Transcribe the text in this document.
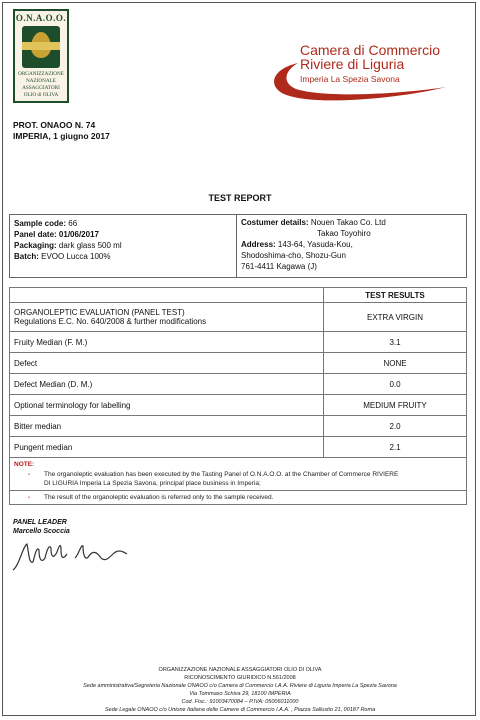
O.N.A.O.O.
ORGANIZZAZIONE
NAZIONALE
ASSAGGIATORI
OLIO di OLIVA
Camera di Commercio
Riviere di Liguria
Imperia La Spezia Savona
PROT. ONAOO N. 74
IMPERIA, 1 giugno 2017
TEST REPORT
Sample code: 66
Panel date: 01/06/2017
Packaging: dark glass 500 ml
Batch: EVOO Lucca 100%
Costumer details: Nouen Takao Co. Ltd
Takao Toyohiro
Address: 143-64, Yasuda-Kou,
Shodoshima-cho, Shozu-Gun
761-4411 Kagawa (J)
	TEST RESULTS

ORGANOLEPTIC EVALUATION (PANEL TEST)
Regulations E.C. No. 640/2008 & further modifications	EXTRA VIRGIN
Fruity Median (F. M.)	3.1
Defect	NONE
Defect Median (D. M.)	0.0
Optional terminology for labelling	MEDIUM FRUITY
Bitter median	2.0
Pungent median	2.1
NOTE:
- The organoleptic evaluation has been executed by the Tasting Panel of O.N.A.O.O. at the Chamber of Commerce RIVIERE
DI LIGURIA Imperia La Spezia Savona, principal place business in Imperia;
- The result of the organoleptic evaluation is referred only to the sample received.
PANEL LEADER
Marcello Scoccia
ORGANIZZAZIONE NAZIONALE ASSAGGIATORI OLIO DI OLIVA
RICONOSCIMENTO GIURIDICO N.561/2008
Sede amministrativa/Segreteria Nazionale ONAOO c/o Camera di Commercio I.A.A. Riviere di Liguria Imperia La Spezia Savona
Via Tommaso Schiva 29, 18100 IMPERIA
Cod. Fisc.: 91003470084 – P.IVA: 05006011000
Sede Legale ONAOO c/o Unione Italiana delle Camere di Commercio I.A.A. , Piazza Sallustio 21, 00187 Roma
